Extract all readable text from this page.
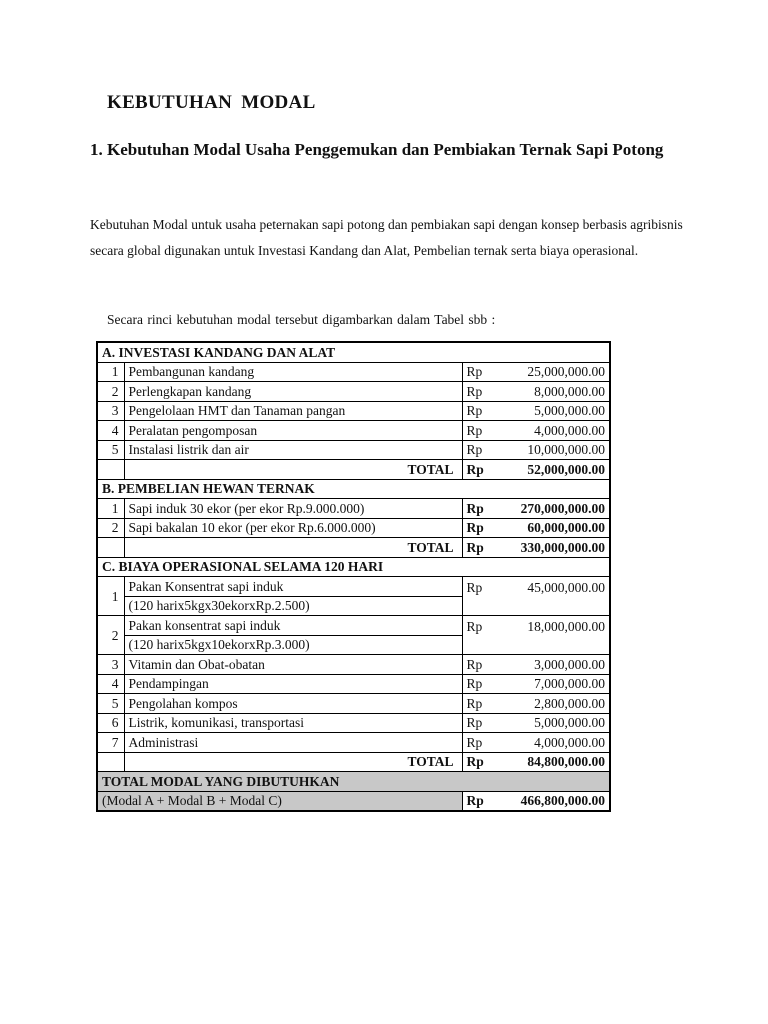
KEBUTUHAN MODAL
1. Kebutuhan Modal Usaha Penggemukan dan Pembiakan Ternak Sapi Potong
Kebutuhan Modal untuk usaha peternakan sapi potong dan pembiakan sapi dengan konsep berbasis agribisnis secara global digunakan untuk Investasi Kandang dan Alat, Pembelian ternak serta biaya operasional.
Secara rinci kebutuhan modal tersebut digambarkan dalam Tabel sbb :
A. INVESTASI KANDANG DAN ALAT		
1	Pembangunan kandang	Rp 25,000,000.00

2	Perlengkapan kandang	Rp 8,000,000.00

3	Pengelolaan HMT dan Tanaman pangan	Rp 5,000,000.00

4	Peralatan pengomposan	Rp 4,000,000.00

5	Instalasi listrik dan air	Rp 10,000,000.00

	TOTAL	Rp 52,000,000.00

B. PEMBELIAN HEWAN TERNAK		
1	Sapi induk 30 ekor (per ekor Rp.9.000.000)	Rp 270,000,000.00

2	Sapi bakalan 10 ekor (per ekor Rp.6.000.000)	Rp 60,000,000.00

	TOTAL	Rp 330,000,000.00

C. BIAYA OPERASIONAL SELAMA 120 HARI		
1	Pakan Konsentrat sapi induk	Rp 45,000,000.00

	(120 harix5kgx30ekorxRp.2.500)	
2	Pakan konsentrat sapi induk	Rp 18,000,000.00

	(120 harix5kgx10ekorxRp.3.000)	
3	Vitamin dan Obat-obatan	Rp 3,000,000.00

4	Pendampingan	Rp 7,000,000.00

5	Pengolahan kompos	Rp 2,800,000.00

6	Listrik, komunikasi, transportasi	Rp 5,000,000.00

7	Administrasi	Rp 4,000,000.00

	TOTAL	Rp 84,800,000.00

TOTAL MODAL YANG DIBUTUHKAN		
(Modal A + Modal B + Modal C)		Rp 466,800,000.00
